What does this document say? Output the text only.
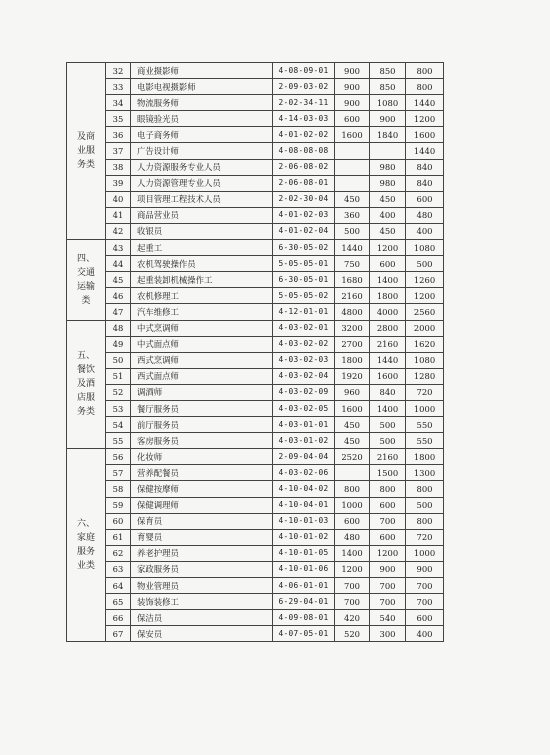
及商业服务类	32	商业摄影师	4-08-09-01	900	850	800
	33	电影电视摄影师	2-09-03-02	900	850	800
	34	物流服务师	2-02-34-11	900	1080	1440
	35	眼镜验光员	4-14-03-03	600	900	1200
	36	电子商务师	4-01-02-02	1600	1840	1600
	37	广告设计师	4-08-08-08			1440
	38	人力资源服务专业人员	2-06-08-02		980	840
	39	人力资源管理专业人员	2-06-08-01		980	840
	40	项目管理工程技术人员	2-02-30-04	450	450	600
	41	商品营业员	4-01-02-03	360	400	480
	42	收银员	4-01-02-04	500	450	400
四、交通运输类	43	起重工	6-30-05-02	1440	1200	1080
	44	农机驾驶操作员	5-05-05-01	750	600	500
	45	起重装卸机械操作工	6-30-05-01	1680	1400	1260
	46	农机修理工	5-05-05-02	2160	1800	1200
	47	汽车维修工	4-12-01-01	4800	4000	2560
五、餐饮及酒店服务类	48	中式烹调师	4-03-02-01	3200	2800	2000
	49	中式面点师	4-03-02-02	2700	2160	1620
	50	西式烹调师	4-03-02-03	1800	1440	1080
	51	西式面点师	4-03-02-04	1920	1600	1280
	52	调酒师	4-03-02-09	960	840	720
	53	餐厅服务员	4-03-02-05	1600	1400	1000
	54	前厅服务员	4-03-01-01	450	500	550
	55	客房服务员	4-03-01-02	450	500	550
六、家庭服务业类	56	化妆师	2-09-04-04	2520	2160	1800
	57	营养配餐员	4-03-02-06		1500	1300
	58	保健按摩师	4-10-04-02	800	800	800
	59	保健调理师	4-10-04-01	1000	600	500
	60	保育员	4-10-01-03	600	700	800
	61	育婴员	4-10-01-02	480	600	720
	62	养老护理员	4-10-01-05	1400	1200	1000
	63	家政服务员	4-10-01-06	1200	900	900
	64	物业管理员	4-06-01-01	700	700	700
	65	装饰装修工	6-29-04-01	700	700	700
	66	保洁员	4-09-08-01	420	540	600
	67	保安员	4-07-05-01	520	300	400
